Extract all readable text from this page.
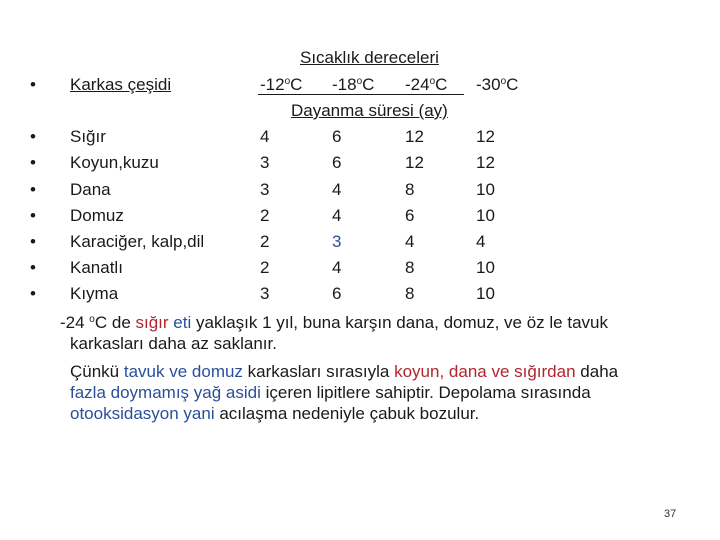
Sıcaklık dereceleri
• Karkas çeşidi	-12$^o$C -18$^o$C -24$^o$C -30$^o$C
Dayanma süresi (ay)
• Sığır	4	6	12	12
• Koyun,kuzu	3	6	12	12
• Dana	3	4	8	10
• Domuz	2	4	6	10
• Karaciğer, kalp,dil	2	3	4	4
• Kanatlı	2	4	8	10
• Kıyma	3	6	8	10
-24 $^o$C de sığır eti yaklaşık 1 yıl, buna karşın dana, domuz, ve öz le tavuk
karkasları daha az saklanır.
Çünkü tavuk ve domuz karkasları sırasıyla koyun, dana ve sığırdan daha
fazla doymamış yağ asidi içeren lipitlere sahiptir. Depolama sırasında
otooksidasyon yani acılaşma nedeniyle çabuk bozulur.
37
